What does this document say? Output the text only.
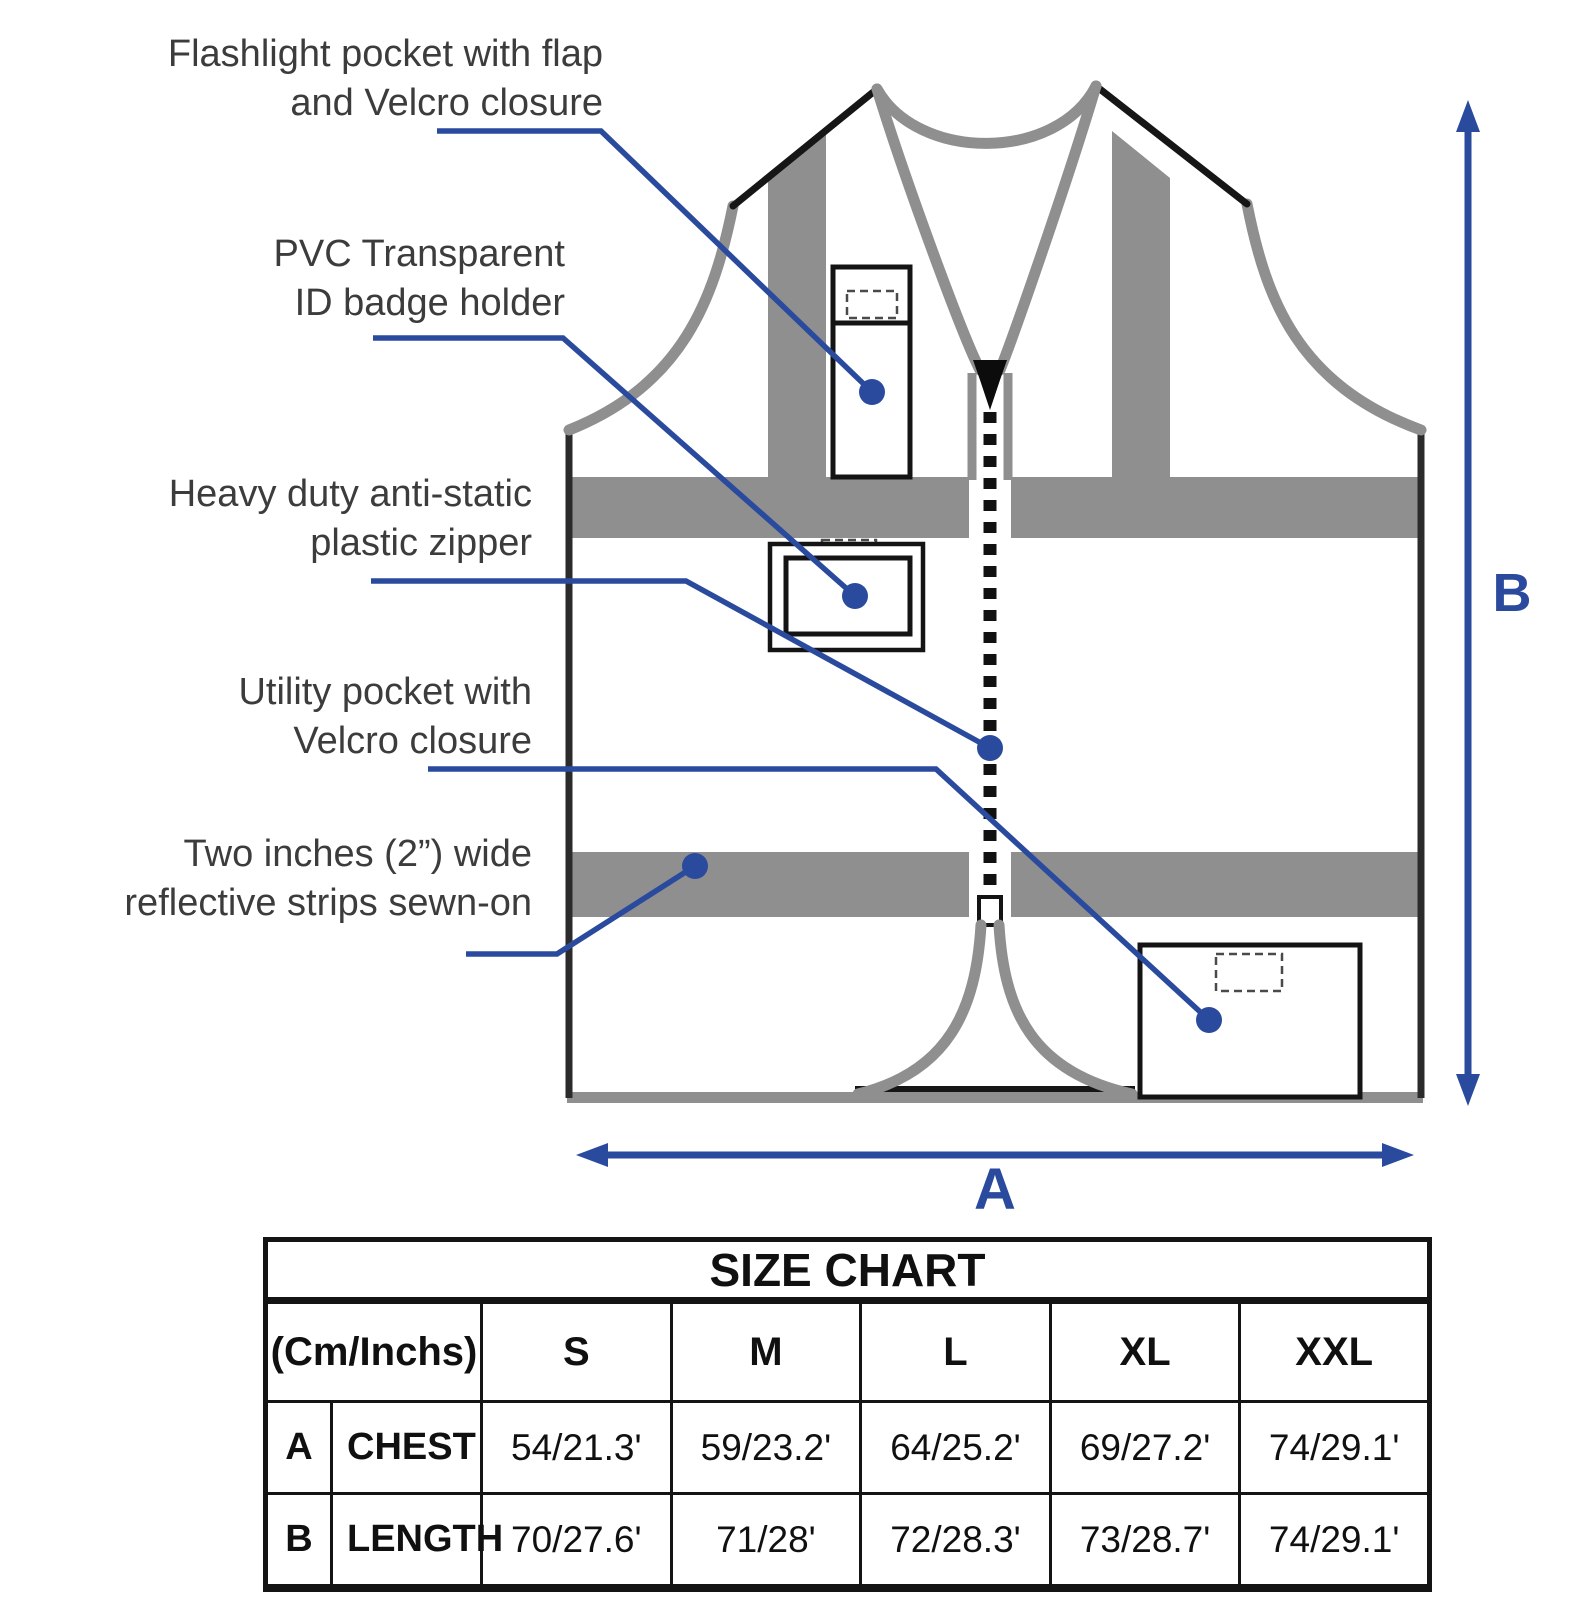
Flashlight pocket with flap
and Velcro closure
PVC Transparent
ID badge holder
Heavy duty anti-static
plastic zipper
Utility pocket with
Velcro closure
Two inches (2”) wide
reflective strips sewn-on
A
B
SIZE CHART						
(Cm/Inchs)		S	M	L	XL	XXL
A	CHEST	54/21.3'	59/23.2'	64/25.2'	69/27.2'	74/29.1'
B	LENGTH	70/27.6'	71/28'	72/28.3'	73/28.7'	74/29.1'
